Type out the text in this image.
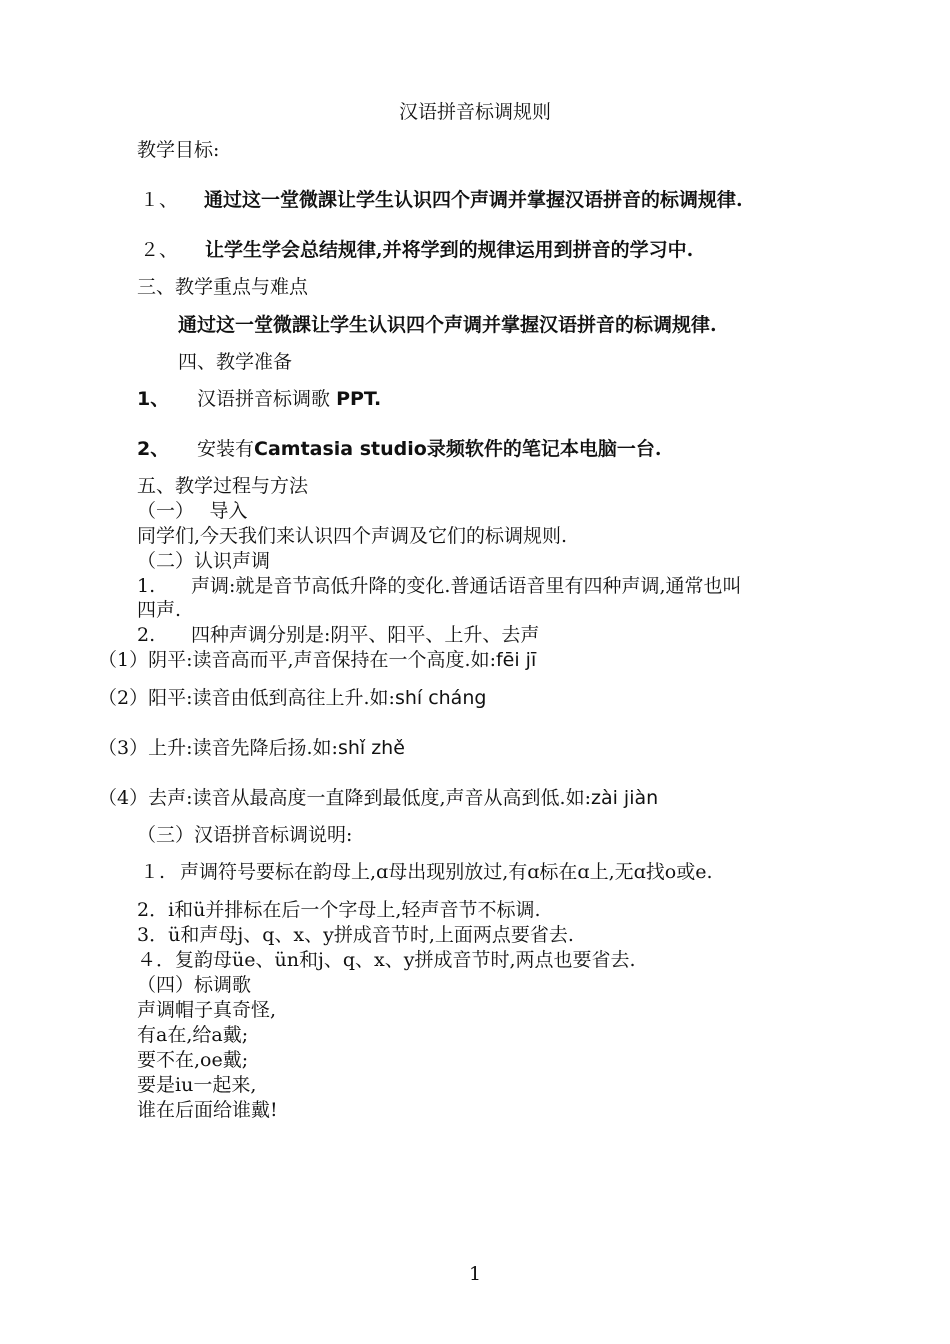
汉语拼音标调规则
教学目标:
１、 通过这一堂微課让学生认识四个声调并掌握汉语拼音的标调规律.
２、 让学生学会总结规律,并将学到的规律运用到拼音的学习中.
三、教学重点与难点
通过这一堂微課让学生认识四个声调并掌握汉语拼音的标调规律.
四、教学准备
1、 汉语拼音标调歌 PPT.
2、 安装有Camtasia studio录频软件的笔记本电脑一台.
五、教学过程与方法
（一）　 导入
同学们,今天我们来认识四个声调及它们的标调规则.
（二）认识声调
1. 声调:就是音节高低升降的变化.普通话语音里有四种声调,通常也叫
四声.
2. 四种声调分别是:阴平、阳平、上升、去声
（1）阴平:读音高而平,声音保持在一个高度.如:fēi jī
（2）阳平:读音由低到高往上升.如:shí cháng
（3）上升:读音先降后扬.如:shǐ zhě
（4）去声:读音从最高度一直降到最低度,声音从高到低.如:zài jiàn
（三）汉语拼音标调说明:
１. 声调符号要标在韵母上,ɑ母出现别放过,有ɑ标在ɑ上,无ɑ找o或e.
2．i和ü并排标在后一个字母上,轻声音节不标调.
3．ü和声母j、q、x、y拼成音节时,上面两点要省去.
４．复韵母üe、ün和j、q、x、y拼成音节时,两点也要省去.
（四）标调歌
声调帽子真奇怪,
有a在,给a戴;
要不在,oe戴;
要是iu一起来,
谁在后面给谁戴!
1
